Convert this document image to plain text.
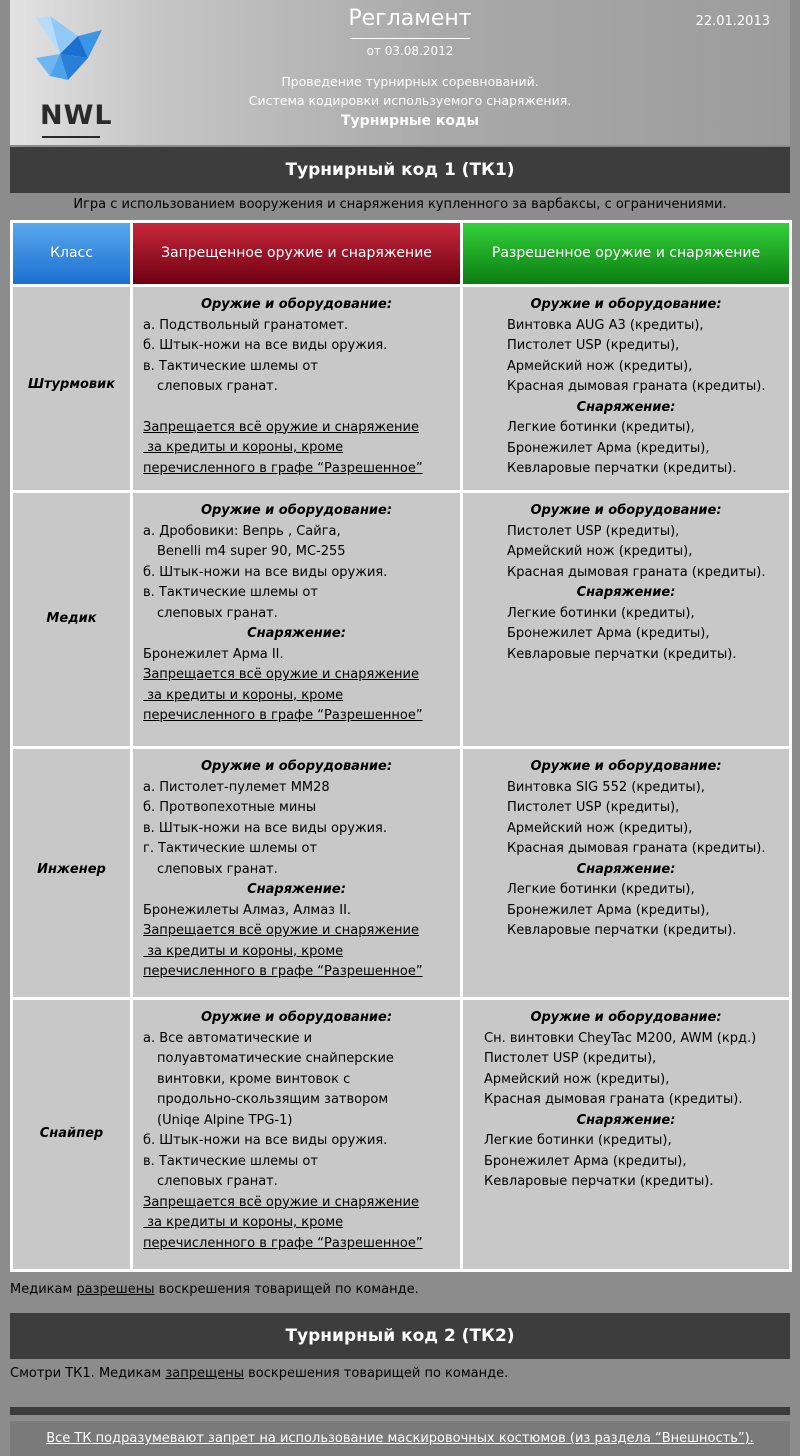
NWL
Регламент
от 03.08.2012
22.01.2013
Проведение турнирных соревнований.
Система кодировки используемого снаряжения.
Турнирные коды
Турнирный код 1 (ТК1)
Игра с использованием вооружения и снаряжения купленного за варбаксы, с ограничениями.
Класс	Запрещенное оружие и снаряжение	Разрешенное оружие и снаряжение
Штурмовик
Оружие и оборудование:
а. Подствольный гранатомет.
б. Штык-ножи на все виды оружия.
в. Тактические шлемы от
слеповых гранат.
Запрещается всё оружие и снаряжение
за кредиты и короны, кроме
перечисленного в графе “Разрешенное”
Оружие и оборудование:
Винтовка AUG A3 (кредиты),
Пистолет USP (кредиты),
Армейский нож (кредиты),
Красная дымовая граната (кредиты).
Снаряжение:
Легкие ботинки (кредиты),
Бронежилет Арма (кредиты),
Кевларовые перчатки (кредиты).
Медик
Оружие и оборудование:
а. Дробовики: Вепрь , Сайга,
Benelli m4 super 90, МС-255
б. Штык-ножи на все виды оружия.
в. Тактические шлемы от
слеповых гранат.
Снаряжение:
Бронежилет Арма II.
Запрещается всё оружие и снаряжение
за кредиты и короны, кроме
перечисленного в графе “Разрешенное”
Оружие и оборудование:
Пистолет USP (кредиты),
Армейский нож (кредиты),
Красная дымовая граната (кредиты).
Снаряжение:
Легкие ботинки (кредиты),
Бронежилет Арма (кредиты),
Кевларовые перчатки (кредиты).
Инженер
Оружие и оборудование:
а. Пистолет-пулемет ММ28
б. Протвопехотные мины
в. Штык-ножи на все виды оружия.
г. Тактические шлемы от
слеповых гранат.
Снаряжение:
Бронежилеты Алмаз, Алмаз II.
Запрещается всё оружие и снаряжение
за кредиты и короны, кроме
перечисленного в графе “Разрешенное”
Оружие и оборудование:
Винтовка SIG 552 (кредиты),
Пистолет USP (кредиты),
Армейский нож (кредиты),
Красная дымовая граната (кредиты).
Снаряжение:
Легкие ботинки (кредиты),
Бронежилет Арма (кредиты),
Кевларовые перчатки (кредиты).
Снайпер
Оружие и оборудование:
а. Все автоматические и
полуавтоматические снайперские
винтовки, кроме винтовок с
продольно-скользящим затвором
(Uniqe Alpine TPG-1)
б. Штык-ножи на все виды оружия.
в. Тактические шлемы от
слеповых гранат.
Запрещается всё оружие и снаряжение
за кредиты и короны, кроме
перечисленного в графе “Разрешенное”
Оружие и оборудование:
Сн. винтовки CheyTac M200, AWM (крд.)
Пистолет USP (кредиты),
Армейский нож (кредиты),
Красная дымовая граната (кредиты).
Снаряжение:
Легкие ботинки (кредиты),
Бронежилет Арма (кредиты),
Кевларовые перчатки (кредиты).
Медикам разрешены воскрешения товарищей по команде.
Турнирный код 2 (ТК2)
Смотри ТК1. Медикам запрещены воскрешения товарищей по команде.
Все ТК подразумевают запрет на использование маскировочных костюмов (из раздела “Внешность”).
